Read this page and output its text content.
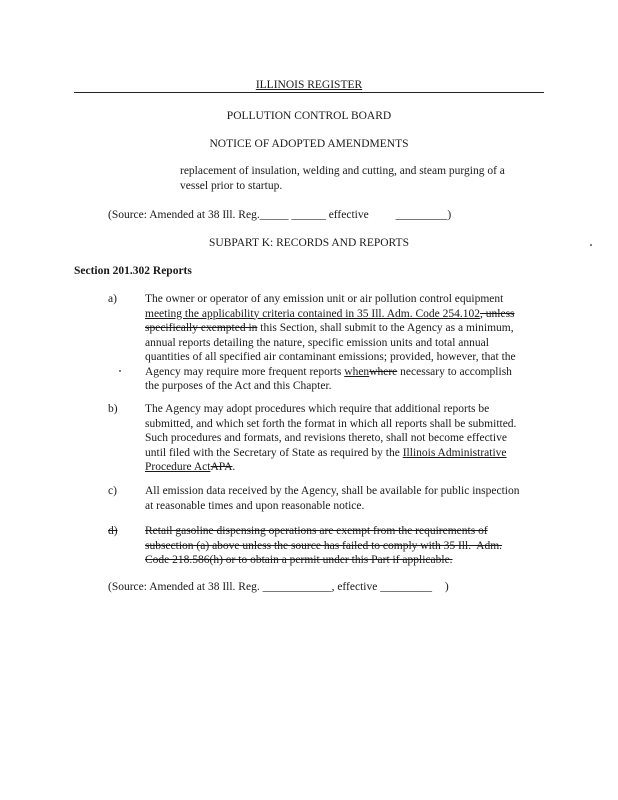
ILLINOIS REGISTER
POLLUTION CONTROL BOARD
NOTICE OF ADOPTED AMENDMENTS
replacement of insulation, welding and cutting, and steam purging of a
vessel prior to startup.
(Source: Amended at 38 Ill. Reg._____ ______ effective _________)
SUBPART K: RECORDS AND REPORTS
Section 201.302 Reports
a) The owner or operator of any emission unit or air pollution control equipment
meeting the applicability criteria contained in 35 Ill. Adm. Code 254.102, unless
specifically exempted in this Section, shall submit to the Agency as a minimum,
annual reports detailing the nature, specific emission units and total annual
quantities of all specified air contaminant emissions; provided, however, that the
Agency may require more frequent reports whenwhere necessary to accomplish
the purposes of the Act and this Chapter.
b) The Agency may adopt procedures which require that additional reports be
submitted, and which set forth the format in which all reports shall be submitted.
Such procedures and formats, and revisions thereto, shall not become effective
until filed with the Secretary of State as required by the Illinois Administrative
Procedure ActAPA.
c) All emission data received by the Agency, shall be available for public inspection
at reasonable times and upon reasonable notice.
d) Retail gasoline dispensing operations are exempt from the requirements of
subsection (a) above unless the source has failed to comply with 35 Ill.  Adm.
Code 218.586(h) or to obtain a permit under this Part if applicable.
(Source: Amended at 38 Ill. Reg. ____________, effective _________ )
